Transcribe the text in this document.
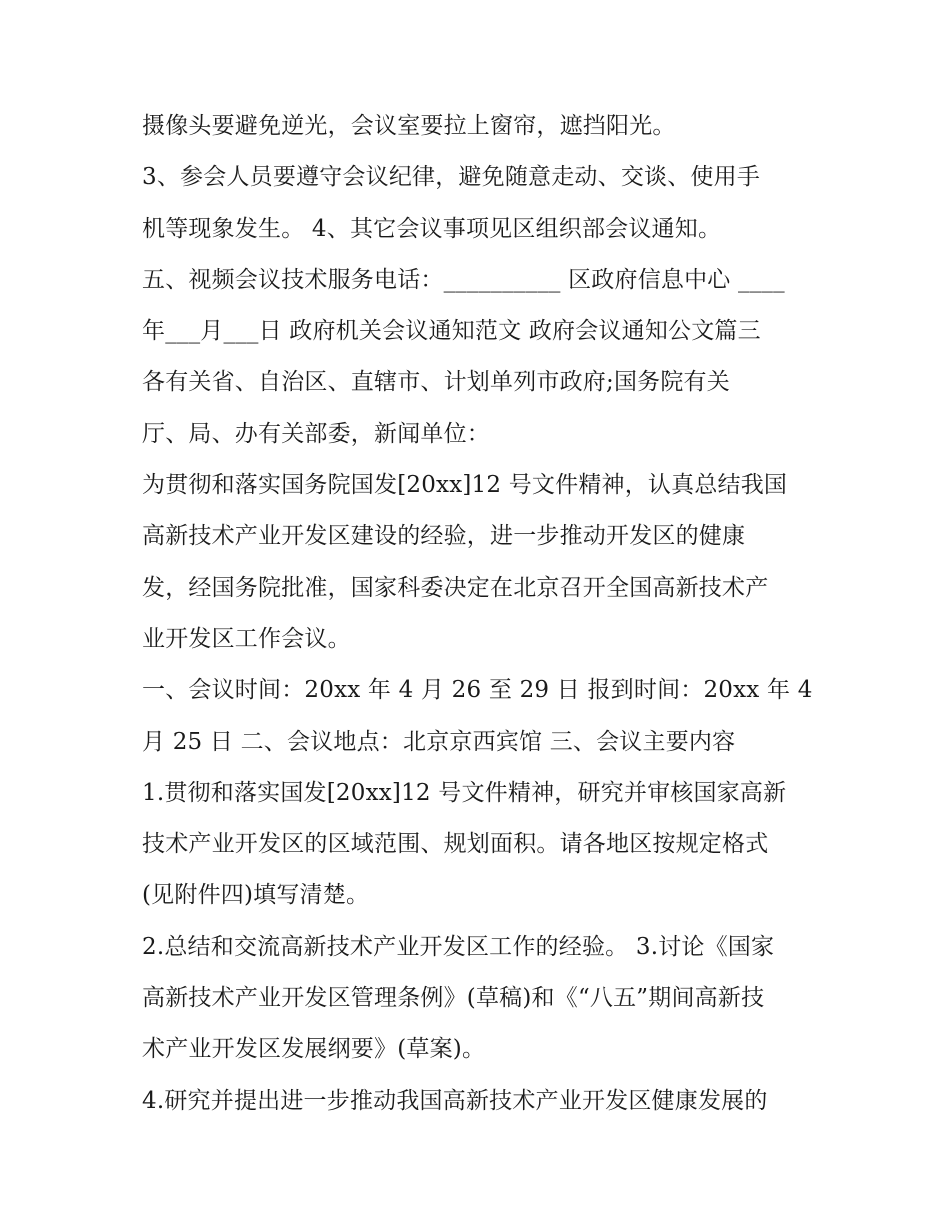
摄像头要避免逆光，会议室要拉上窗帘，遮挡阳光。

3、参会人员要遵守会议纪律，避免随意走动、交谈、使用手

机等现象发生。 4、其它会议事项见区组织部会议通知。

五、视频会议技术服务电话：__________ 区政府信息中心 ____

年___月___日 政府机关会议通知范文 政府会议通知公文篇三

各有关省、自治区、直辖市、计划单列市政府;国务院有关

厅、局、办有关部委，新闻单位：

为贯彻和落实国务院国发[20xx]12 号文件精神，认真总结我国

高新技术产业开发区建设的经验，进一步推动开发区的健康

发，经国务院批准，国家科委决定在北京召开全国高新技术产

业开发区工作会议。

一、会议时间：20xx 年 4 月 26 至 29 日 报到时间：20xx 年 4

月 25 日 二、会议地点：北京京西宾馆 三、会议主要内容

1.贯彻和落实国发[20xx]12 号文件精神，研究并审核国家高新

技术产业开发区的区域范围、规划面积。请各地区按规定格式

(见附件四)填写清楚。

2.总结和交流高新技术产业开发区工作的经验。 3.讨论《国家

高新技术产业开发区管理条例》(草稿)和《“八五”期间高新技

术产业开发区发展纲要》(草案)。

4.研究并提出进一步推动我国高新技术产业开发区健康发展的
